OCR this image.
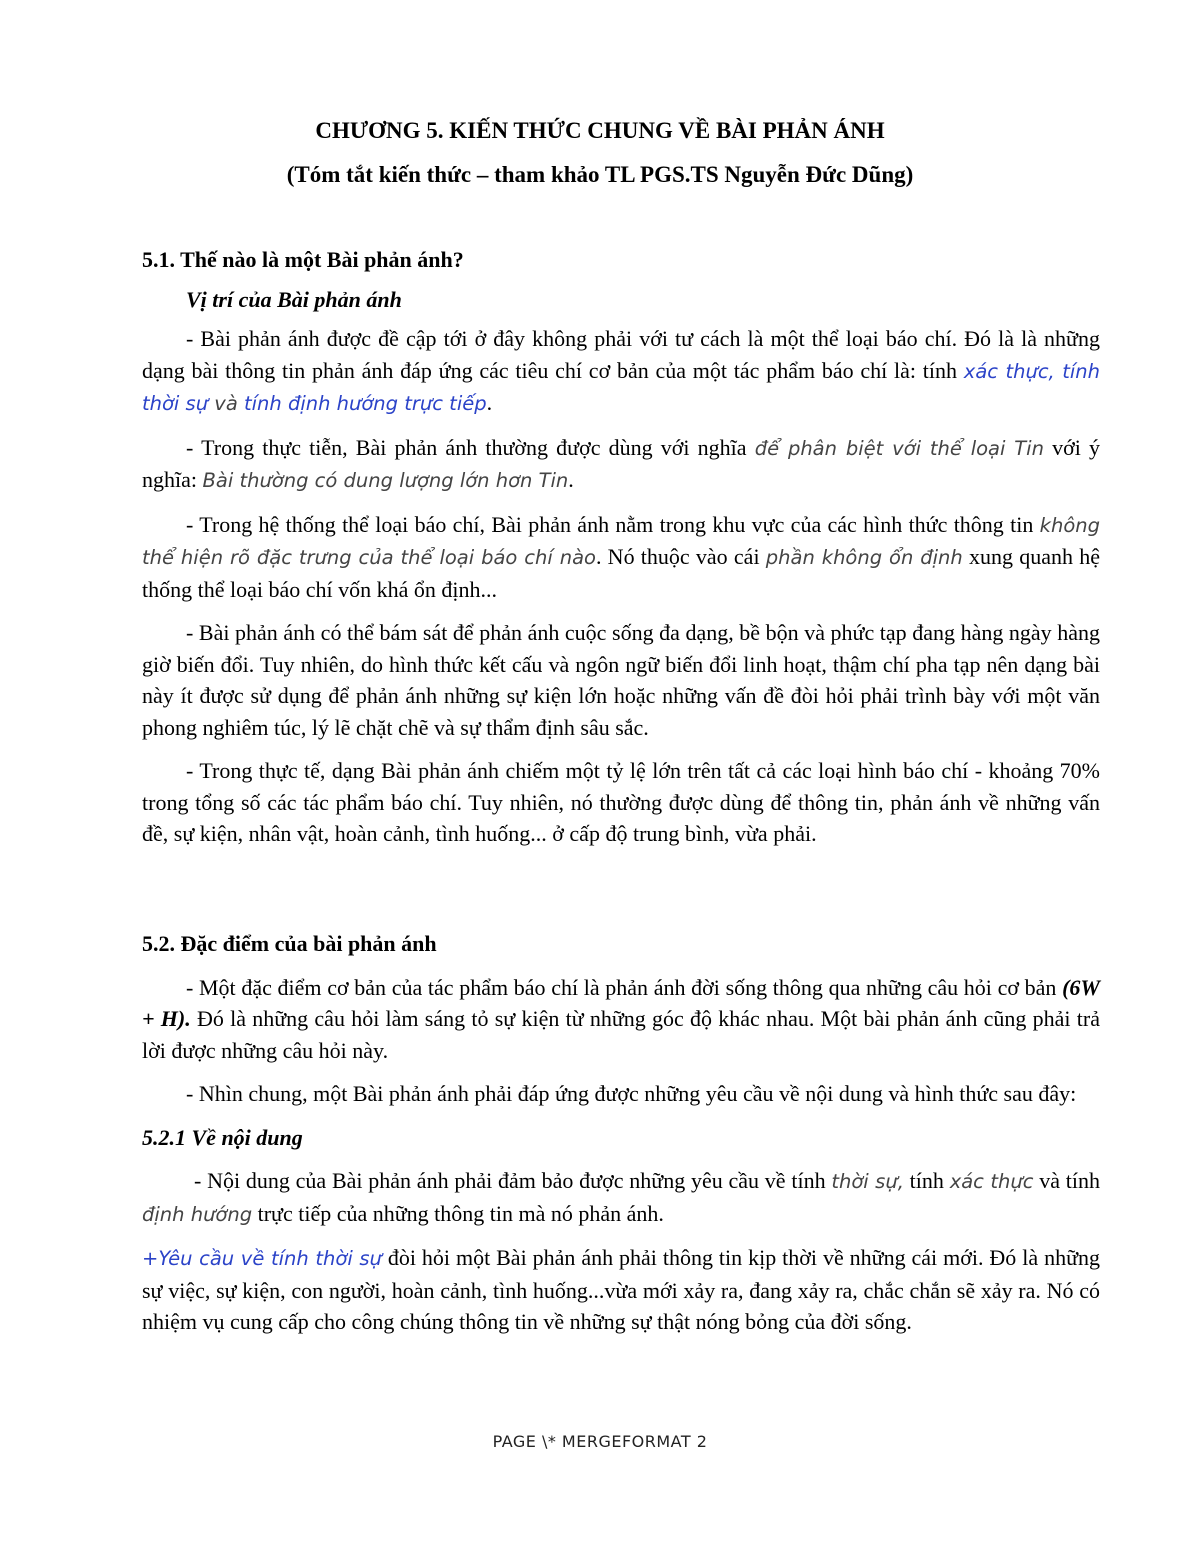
CHƯƠNG 5. KIẾN THỨC CHUNG VỀ BÀI PHẢN ÁNH
(Tóm tắt kiến thức – tham khảo TL PGS.TS Nguyễn Đức Dũng)

5.1. Thế nào là một Bài phản ánh?

Vị trí của Bài phản ánh

- Bài phản ánh được đề cập tới ở đây không phải với tư cách là một thể loại báo chí. Đó là là những dạng bài thông tin phản ánh đáp ứng các tiêu chí cơ bản của một tác phẩm báo chí là: tính xác thực, tính thời sự và tính định hướng trực tiếp.

- Trong thực tiễn, Bài phản ánh thường được dùng với nghĩa để phân biệt với thể loại Tin với ý nghĩa: Bài thường có dung lượng lớn hơn Tin.

- Trong hệ thống thể loại báo chí, Bài phản ánh nằm trong khu vực của các hình thức thông tin không thể hiện rõ đặc trưng của thể loại báo chí nào. Nó thuộc vào cái phần không ổn định xung quanh hệ thống thể loại báo chí vốn khá ổn định...

- Bài phản ánh có thể bám sát để phản ánh cuộc sống đa dạng, bề bộn và phức tạp đang hàng ngày hàng giờ biến đổi. Tuy nhiên, do hình thức kết cấu và ngôn ngữ biến đổi linh hoạt, thậm chí pha tạp nên dạng bài này ít được sử dụng để phản ánh những sự kiện lớn hoặc những vấn đề đòi hỏi phải trình bày với một văn phong nghiêm túc, lý lẽ chặt chẽ và sự thẩm định sâu sắc.

- Trong thực tế, dạng Bài phản ánh chiếm một tỷ lệ lớn trên tất cả các loại hình báo chí - khoảng 70% trong tổng số các tác phẩm báo chí. Tuy nhiên, nó thường được dùng để thông tin, phản ánh về những vấn đề, sự kiện, nhân vật, hoàn cảnh, tình huống... ở cấp độ trung bình, vừa phải.

5.2. Đặc điểm của bài phản ánh

- Một đặc điểm cơ bản của tác phẩm báo chí là phản ánh đời sống thông qua những câu hỏi cơ bản (6W + H). Đó là những câu hỏi làm sáng tỏ sự kiện từ những góc độ khác nhau. Một bài phản ánh cũng phải trả lời được những câu hỏi này.

- Nhìn chung, một Bài phản ánh phải đáp ứng được những yêu cầu về nội dung và hình thức sau đây:

5.2.1 Về nội dung

- Nội dung của Bài phản ánh phải đảm bảo được những yêu cầu về tính thời sự, tính xác thực và tính định hướng trực tiếp của những thông tin mà nó phản ánh.

+Yêu cầu về tính thời sự đòi hỏi một Bài phản ánh phải thông tin kịp thời về những cái mới. Đó là những sự việc, sự kiện, con người, hoàn cảnh, tình huống...vừa mới xảy ra, đang xảy ra, chắc chắn sẽ xảy ra. Nó có nhiệm vụ cung cấp cho công chúng thông tin về những sự thật nóng bỏng của đời sống.

PAGE \* MERGEFORMAT 2
